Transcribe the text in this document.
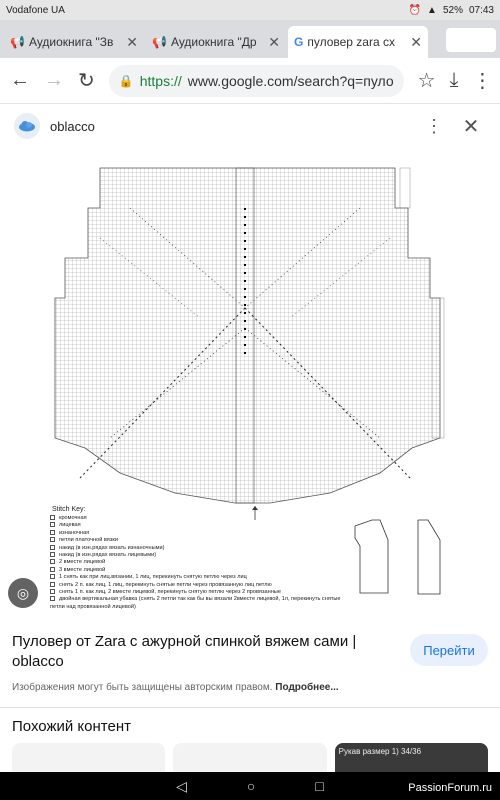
Vodafone UA	⏰ ▲ 52% 07:43
📢 Аудиокнига "Зв ✕ 📢 Аудиокнига "Др ✕ G пуловер zara сх	✕
← → ↻ 🔒 https:// www.google.com/search?q=пуло ☆ ⤓ ⋮
oblacco	⋮ ✕
Stitch Key:
кромочная
лицевая
изнаночная
петли платочной вязки
накид (в изн.рядах вязать изнаночными)
накид (в изн.рядах вязать лицевыми)
2 вместе лицевой
3 вместе лицевой
1 снять как при лиц.вязании, 1 лиц, перекинуть снятую петлю через лиц
снять 2 п. как лиц, 1 лиц, перекинуть снятые петли через провязанную лиц петлю
снять 1 п. как лиц, 2 вместе лицевой, перекинуть снятую петлю через 2 провязанные
двойная вертикальная убавка (снять 2 петли так как бы вы вязали 2вместе лицевой, 1л, перекинуть снятые петли над провязанной лицевой)
◎
Пуловер от Zara с ажурной спинкой вяжем сами | oblacco
Перейти
Изображения могут быть защищены авторским правом. Подробнее...
Похожий контент
Рукав размер 1) 34/36
◁	○	□	PassionForum.ru
